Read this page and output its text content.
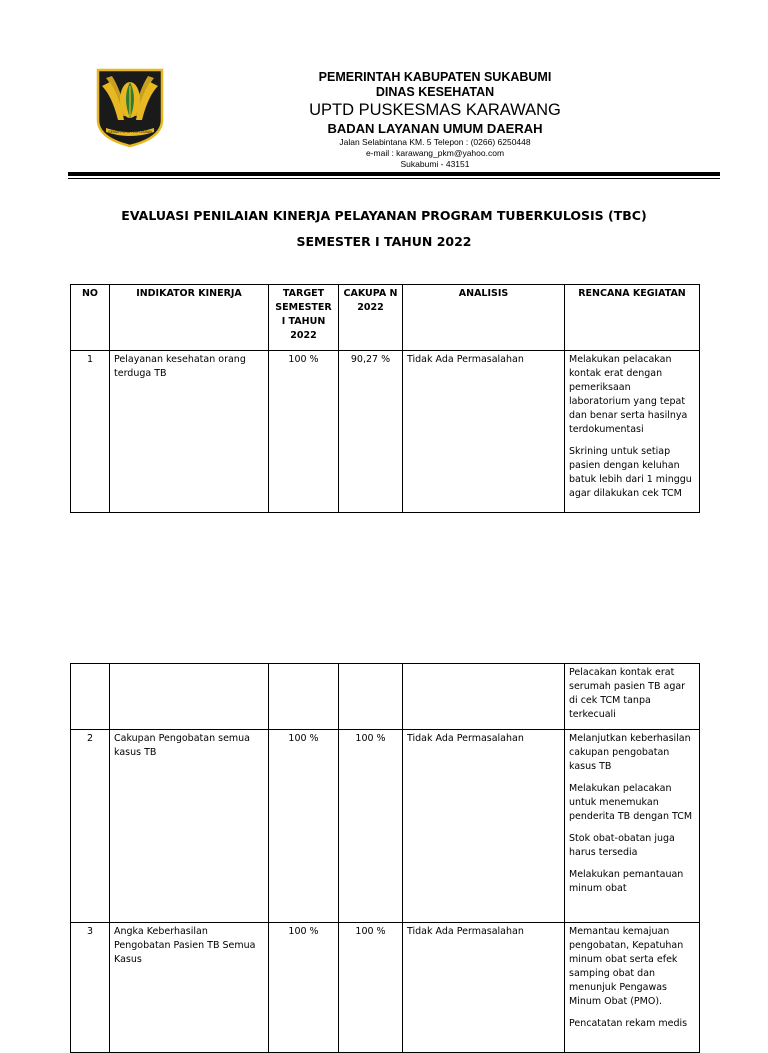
GEMAH RIPAH LOH JINAWI
PEMERINTAH KABUPATEN SUKABUMI
DINAS KESEHATAN
UPTD PUSKESMAS KARAWANG
BADAN LAYANAN UMUM DAERAH
Jalan Selabintana KM. 5 Telepon : (0266) 6250448
e-mail : karawang_pkm@yahoo.com
Sukabumi - 43151
EVALUASI PENILAIAN KINERJA PELAYANAN PROGRAM TUBERKULOSIS (TBC)
SEMESTER I TAHUN 2022
NO	INDIKATOR KINERJA	TARGET SEMESTER I TAHUN 2022	CAKUPA N 2022	ANALISIS	RENCANA KEGIATAN
1	Pelayanan kesehatan orang terduga TB	100 %	90,27 %	Tidak Ada Permasalahan	Melakukan pelacakan kontak erat dengan pemeriksaan laboratorium yang tepat dan benar serta hasilnya terdokumentasi

Skrining untuk setiap pasien dengan keluhan batuk lebih dari 1 minggu agar dilakukan cek TCM

					Pelacakan kontak erat serumah pasien TB agar di cek TCM tanpa terkecuali

2	Cakupan Pengobatan semua kasus TB	100 %	100 %	Tidak Ada Permasalahan	Melanjutkan keberhasilan cakupan pengobatan kasus TB

Melakukan pelacakan untuk menemukan penderita TB dengan TCM

Stok obat-obatan juga harus tersedia

Melakukan pemantauan minum obat

3	Angka Keberhasilan Pengobatan Pasien TB Semua Kasus	100 %	100 %	Tidak Ada Permasalahan	Memantau kemajuan pengobatan, Kepatuhan minum obat serta efek samping obat dan menunjuk Pengawas Minum Obat (PMO).

Pencatatan rekam medis
